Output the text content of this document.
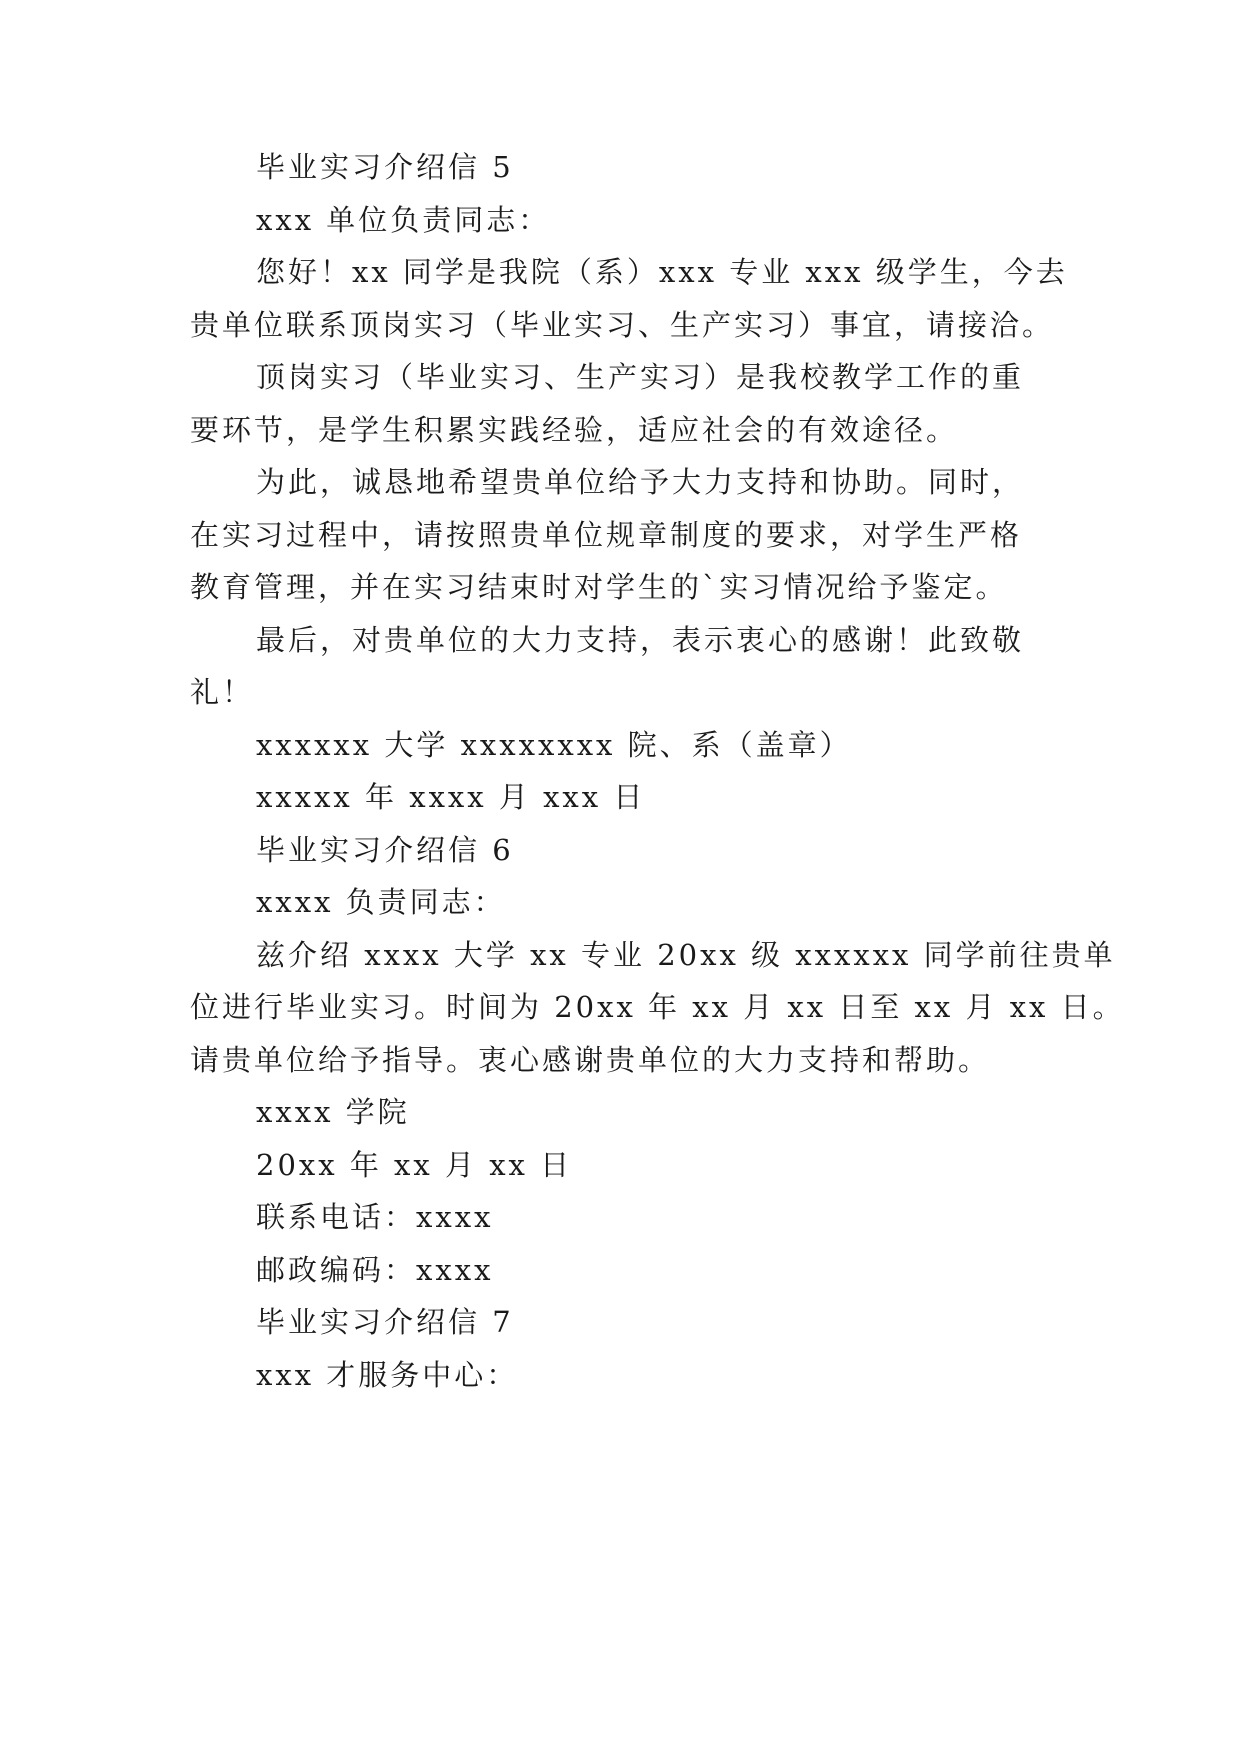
毕业实习介绍信 5
xxx 单位负责同志：
您好！xx 同学是我院（系）xxx 专业 xxx 级学生，今去
贵单位联系顶岗实习（毕业实习、生产实习）事宜，请接洽。
顶岗实习（毕业实习、生产实习）是我校教学工作的重
要环节，是学生积累实践经验，适应社会的有效途径。
为此，诚恳地希望贵单位给予大力支持和协助。同时，
在实习过程中，请按照贵单位规章制度的要求，对学生严格
教育管理，并在实习结束时对学生的`实习情况给予鉴定。
最后，对贵单位的大力支持，表示衷心的感谢！此致敬
礼！
xxxxxx 大学 xxxxxxxx 院、系（盖章）
xxxxx 年 xxxx 月 xxx 日
毕业实习介绍信 6
xxxx 负责同志：
兹介绍 xxxx 大学 xx 专业 20xx 级 xxxxxx 同学前往贵单
位进行毕业实习。时间为 20xx 年 xx 月 xx 日至 xx 月 xx 日。
请贵单位给予指导。衷心感谢贵单位的大力支持和帮助。
xxxx 学院
20xx 年 xx 月 xx 日
联系电话：xxxx
邮政编码：xxxx
毕业实习介绍信 7
xxx 才服务中心：
